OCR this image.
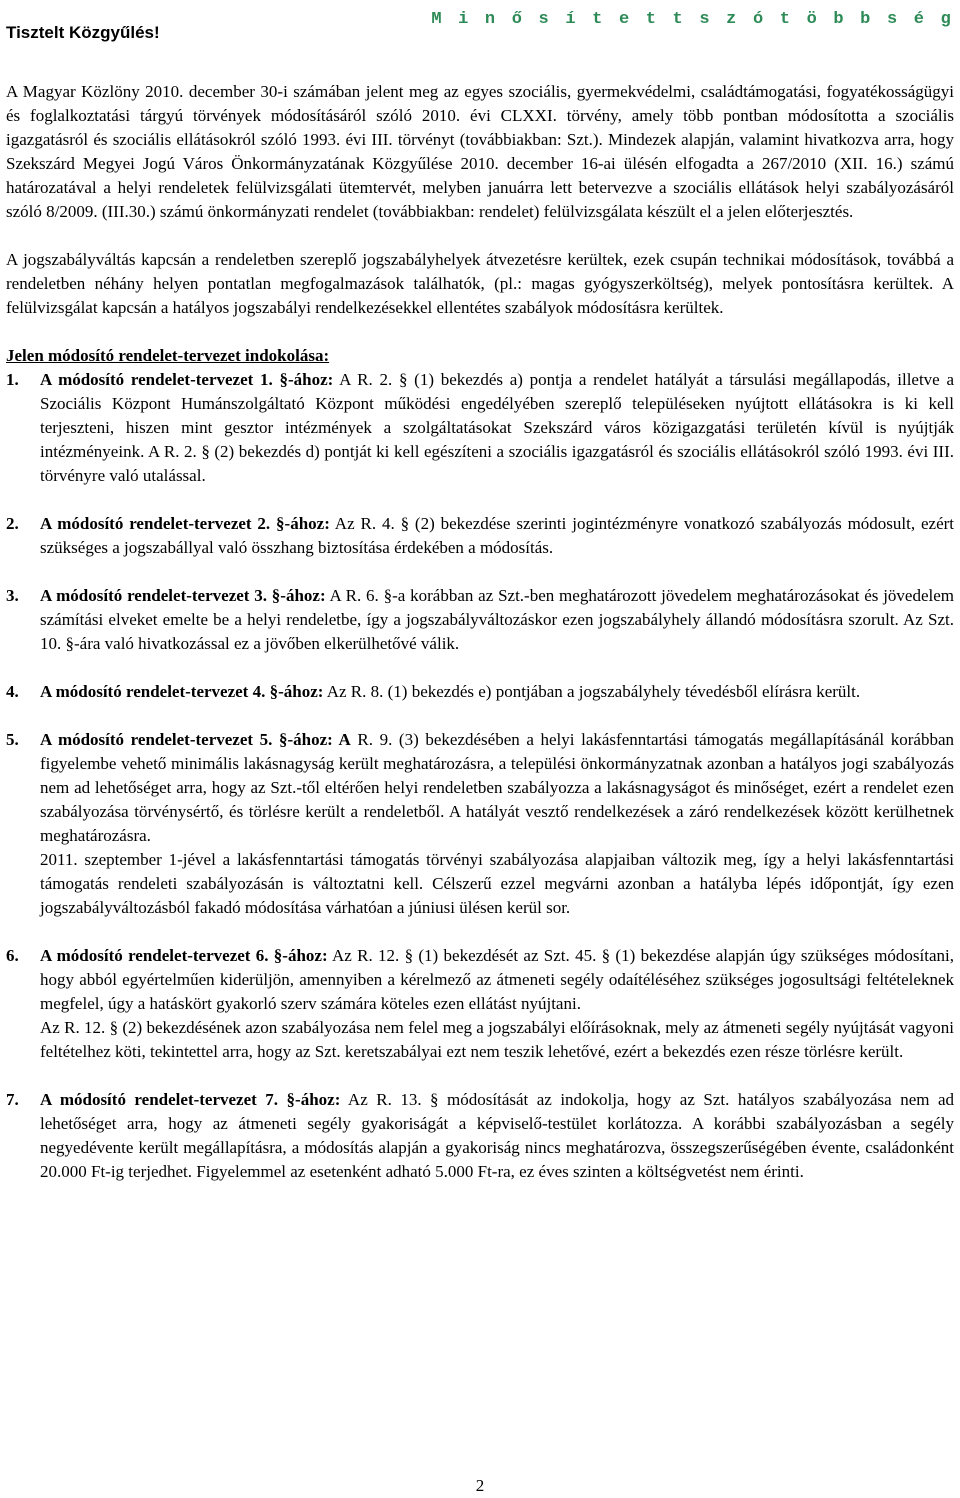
Tisztelt Közgyűlés!
M i n ő s í t e t t s z ó t ö b b s é g

A Magyar Közlöny 2010. december 30-i számában jelent meg az egyes szociális, gyermekvédelmi, családtámogatási, fogyatékosságügyi és foglalkoztatási tárgyú törvények módosításáról szóló 2010. évi CLXXI. törvény, amely több pontban módosította a szociális igazgatásról és szociális ellátásokról szóló 1993. évi III. törvényt (továbbiakban: Szt.). Mindezek alapján, valamint hivatkozva arra, hogy Szekszárd Megyei Jogú Város Önkormányzatának Közgyűlése 2010. december 16-ai ülésén elfogadta a 267/2010 (XII. 16.) számú határozatával a helyi rendeletek felülvizsgálati ütemtervét, melyben januárra lett betervezve a szociális ellátások helyi szabályozásáról szóló 8/2009. (III.30.) számú önkormányzati rendelet (továbbiakban: rendelet) felülvizsgálata készült el a jelen előterjesztés.

A jogszabályváltás kapcsán a rendeletben szereplő jogszabályhelyek átvezetésre kerültek, ezek csupán technikai módosítások, továbbá a rendeletben néhány helyen pontatlan megfogalmazások találhatók, (pl.: magas gyógyszerköltség), melyek pontosításra kerültek. A felülvizsgálat kapcsán a hatályos jogszabályi rendelkezésekkel ellentétes szabályok módosításra kerültek.

Jelen módosító rendelet-tervezet indokolása:

1.	A módosító rendelet-tervezet 1. §-ához: A R. 2. § (1) bekezdés a) pontja a rendelet hatályát a társulási megállapodás, illetve a Szociális Központ Humánszolgáltató Központ működési engedélyében szereplő településeken nyújtott ellátásokra is ki kell terjeszteni, hiszen mint gesztor intézmények a szolgáltatásokat Szekszárd város közigazgatási területén kívül is nyújtják intézményeink. A R. 2. § (2) bekezdés d) pontját ki kell egészíteni a szociális igazgatásról és szociális ellátásokról szóló 1993. évi III. törvényre való utalással.

2.	A módosító rendelet-tervezet 2. §-ához: Az R. 4. § (2) bekezdése szerinti jogintézményre vonatkozó szabályozás módosult, ezért szükséges a jogszabállyal való összhang biztosítása érdekében a módosítás.

3.	A módosító rendelet-tervezet 3. §-ához: A R. 6. §-a korábban az Szt.-ben meghatározott jövedelem meghatározásokat és jövedelem számítási elveket emelte be a helyi rendeletbe, így a jogszabályváltozáskor ezen jogszabályhely állandó módosításra szorult. Az Szt. 10. §-ára való hivatkozással ez a jövőben elkerülhetővé válik.

4.	A módosító rendelet-tervezet 4. §-ához: Az R. 8. (1) bekezdés e) pontjában a jogszabályhely tévedésből elírásra került.

5.	A módosító rendelet-tervezet 5. §-ához: A R. 9. (3) bekezdésében a helyi lakásfenntartási támogatás megállapításánál korábban figyelembe vehető minimális lakásnagyság került meghatározásra, a települési önkormányzatnak azonban a hatályos jogi szabályozás nem ad lehetőséget arra, hogy az Szt.-től eltérően helyi rendeletben szabályozza a lakásnagyságot és minőséget, ezért a rendelet ezen szabályozása törvénysértő, és törlésre került a rendeletből. A hatályát vesztő rendelkezések a záró rendelkezések között kerülhetnek meghatározásra.

2011. szeptember 1-jével a lakásfenntartási támogatás törvényi szabályozása alapjaiban változik meg, így a helyi lakásfenntartási támogatás rendeleti szabályozásán is változtatni kell. Célszerű ezzel megvárni azonban a hatályba lépés időpontját, így ezen jogszabályváltozásból fakadó módosítása várhatóan a júniusi ülésen kerül sor.

6.	A módosító rendelet-tervezet 6. §-ához: Az R. 12. § (1) bekezdését az Szt. 45. § (1) bekezdése alapján úgy szükséges módosítani, hogy abból egyértelműen kiderüljön, amennyiben a kérelmező az átmeneti segély odaítéléséhez szükséges jogosultsági feltételeknek megfelel, úgy a hatáskört gyakorló szerv számára köteles ezen ellátást nyújtani.

Az R. 12. § (2) bekezdésének azon szabályozása nem felel meg a jogszabályi előírásoknak, mely az átmeneti segély nyújtását vagyoni feltételhez köti, tekintettel arra, hogy az Szt. keretszabályai ezt nem teszik lehetővé, ezért a bekezdés ezen része törlésre került.

7.	A módosító rendelet-tervezet 7. §-ához: Az R. 13. § módosítását az indokolja, hogy az Szt. hatályos szabályozása nem ad lehetőséget arra, hogy az átmeneti segély gyakoriságát a képviselő-testület korlátozza. A korábbi szabályozásban a segély negyedévente került megállapításra, a módosítás alapján a gyakoriság nincs meghatározva, összegszerűségében évente, családonként 20.000 Ft-ig terjedhet. Figyelemmel az esetenként adható 5.000 Ft-ra, ez éves szinten a költségvetést nem érinti.

2
